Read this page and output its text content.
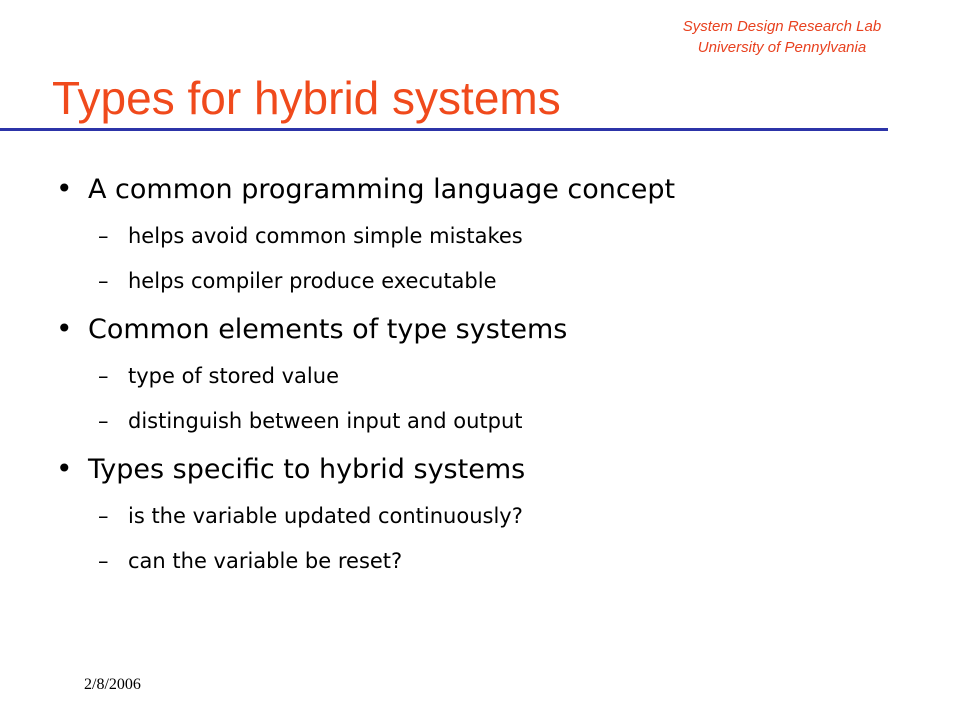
System Design Research Lab
University of Pennylvania
Types for hybrid systems
• A common programming language concept
– helps avoid common simple mistakes
– helps compiler produce executable
• Common elements of type systems
– type of stored value
– distinguish between input and output
• Types specific to hybrid systems
– is the variable updated continuously?
– can the variable be reset?
2/8/2006
